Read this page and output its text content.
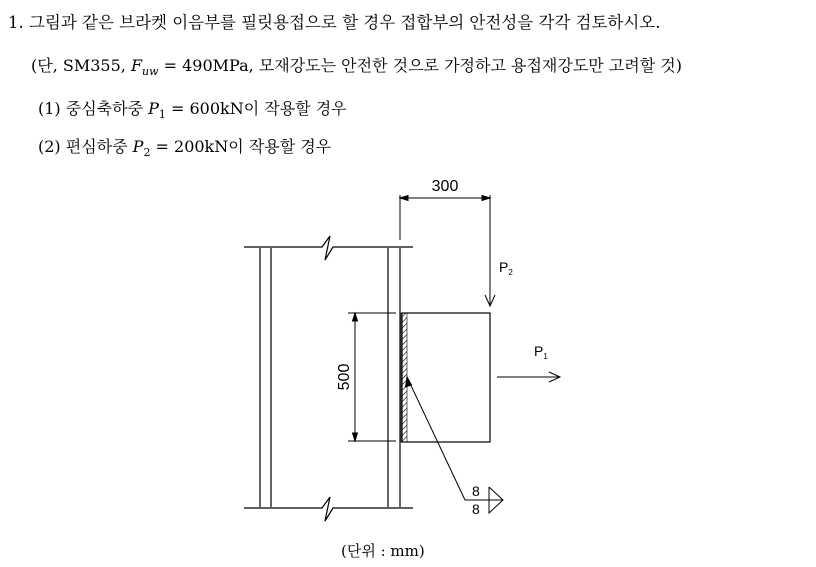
1. 그림과 같은 브라켓 이음부를 필릿용접으로 할 경우 접합부의 안전성을 각각 검토하시오.
(단, SM355, $F_{uw} = 490MPa$, 모재강도는 안전한 것으로 가정하고 용접재강도만 고려할 것)
(1) 중심축하중 $P_1 = 600kN$이 작용할 경우
(2) 편심하중 $P_2 = 200kN$이 작용할 경우
300
500
$P_2$
$P_1$
8
8
(단위 : mm)
